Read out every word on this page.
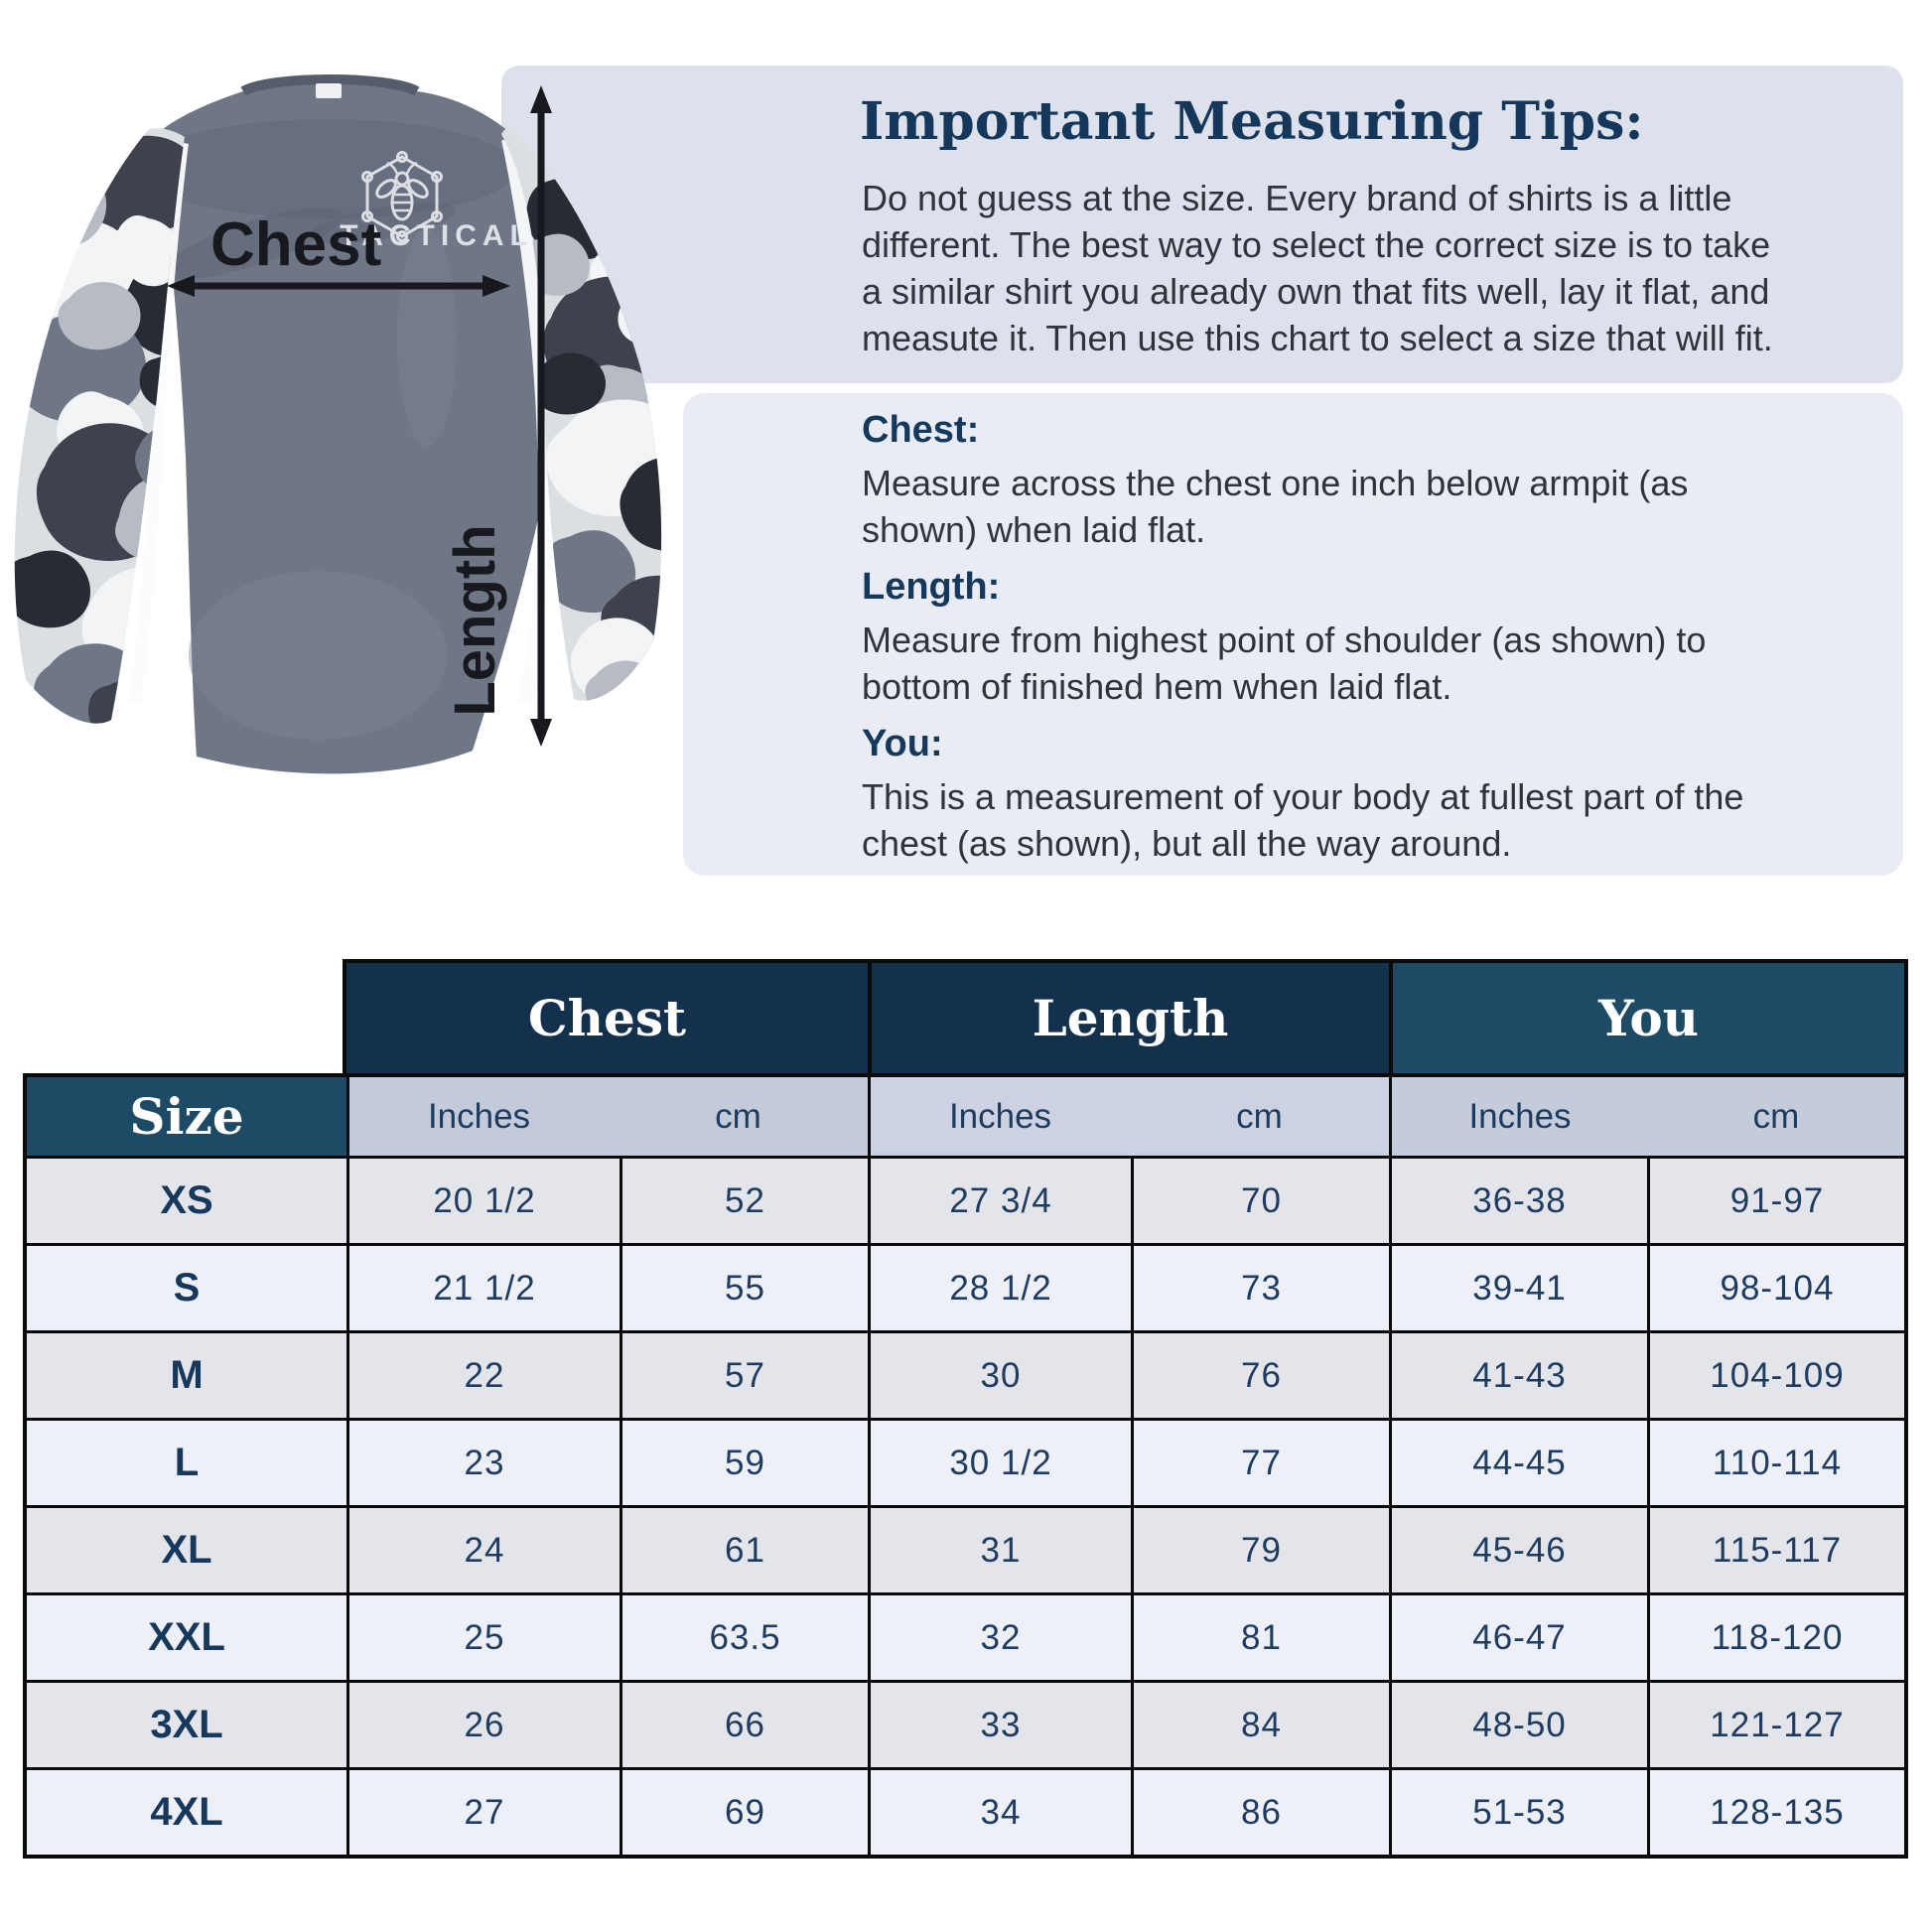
TACTICAL
Chest
Length
Important Measuring Tips:
Do not guess at the size. Every brand of shirts is a little
different. The best way to select the correct size is to take
a similar shirt you already own that fits well, lay it flat, and
measute it. Then use this chart to select a size that will fit.
Chest:
Measure across the chest one inch below armpit (as
shown) when laid flat.
Length:
Measure from highest point of shoulder (as shown) to
bottom of finished hem when laid flat.
You:
This is a measurement of your body at fullest part of the
chest (as shown), but all the way around.
Chest	Length	You
Size	Inches	cm	Inches	cm	Inches	cm
XS	20 1/2	52	27 3/4	70	36-38	91-97
S	21 1/2	55	28 1/2	73	39-41	98-104
M	22	57	30	76	41-43	104-109
L	23	59	30 1/2	77	44-45	110-114
XL	24	61	31	79	45-46	115-117
XXL	25	63.5	32	81	46-47	118-120
3XL	26	66	33	84	48-50	121-127
4XL	27	69	34	86	51-53	128-135
